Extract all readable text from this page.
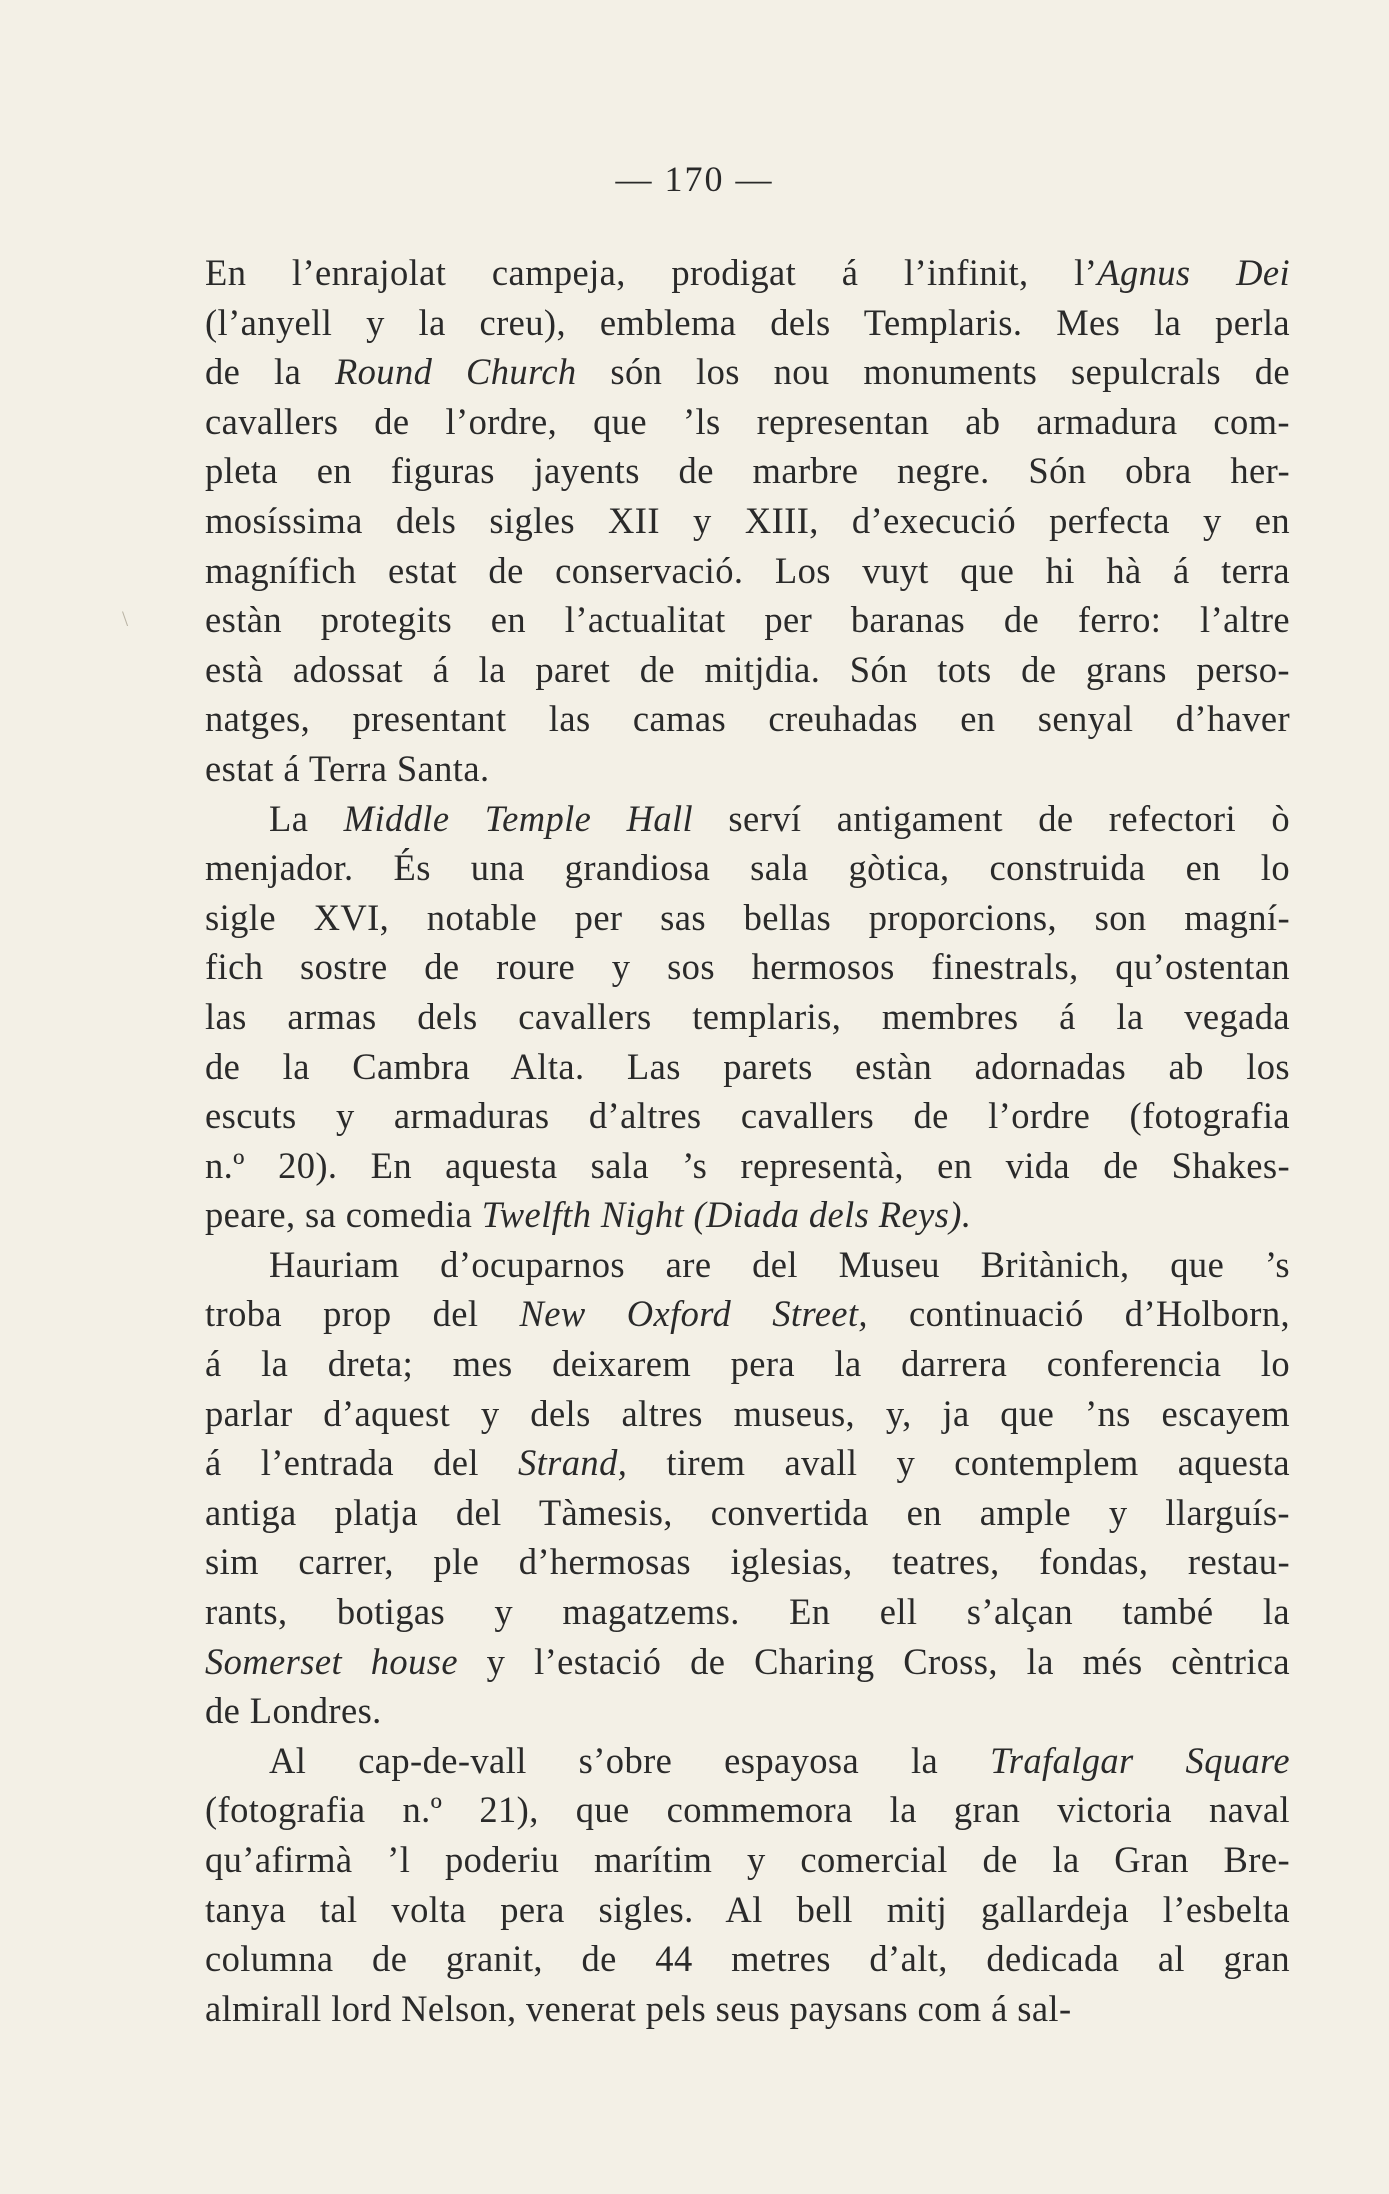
— 170 —
\
En l’enrajolat campeja, prodigat á l’infinit, l’Agnus Dei
(l’anyell y la creu), emblema dels Templaris. Mes la perla
de la Round Church són los nou monuments sepulcrals de
cavallers de l’ordre, que ’ls representan ab armadura com-
pleta en figuras jayents de marbre negre. Són obra her-
mosíssima dels sigles XII y XIII, d’execució perfecta y en
magnífich estat de conservació. Los vuyt que hi hà á terra
estàn protegits en l’actualitat per baranas de ferro: l’altre
està adossat á la paret de mitjdia. Són tots de grans perso-
natges, presentant las camas creuhadas en senyal d’haver
estat á Terra Santa.
La Middle Temple Hall serví antigament de refectori ò
menjador. És una grandiosa sala gòtica, construida en lo
sigle XVI, notable per sas bellas proporcions, son magní-
fich sostre de roure y sos hermosos finestrals, qu’ostentan
las armas dels cavallers templaris, membres á la vegada
de la Cambra Alta. Las parets estàn adornadas ab los
escuts y armaduras d’altres cavallers de l’ordre (fotografia
n.º 20). En aquesta sala ’s representà, en vida de Shakes-
peare, sa comedia Twelfth Night (Diada dels Reys).
Hauriam d’ocuparnos are del Museu Britànich, que ’s
troba prop del New Oxford Street, continuació d’Holborn,
á la dreta; mes deixarem pera la darrera conferencia lo
parlar d’aquest y dels altres museus, y, ja que ’ns escayem
á l’entrada del Strand, tirem avall y contemplem aquesta
antiga platja del Tàmesis, convertida en ample y llarguís-
sim carrer, ple d’hermosas iglesias, teatres, fondas, restau-
rants, botigas y magatzems. En ell s’alçan també la
Somerset house y l’estació de Charing Cross, la més cèntrica
de Londres.
Al cap-de-vall s’obre espayosa la Trafalgar Square
(fotografia n.º 21), que commemora la gran victoria naval
qu’afirmà ’l poderiu marítim y comercial de la Gran Bre-
tanya tal volta pera sigles. Al bell mitj gallardeja l’esbelta
columna de granit, de 44 metres d’alt, dedicada al gran
almirall lord Nelson, venerat pels seus paysans com á sal-
